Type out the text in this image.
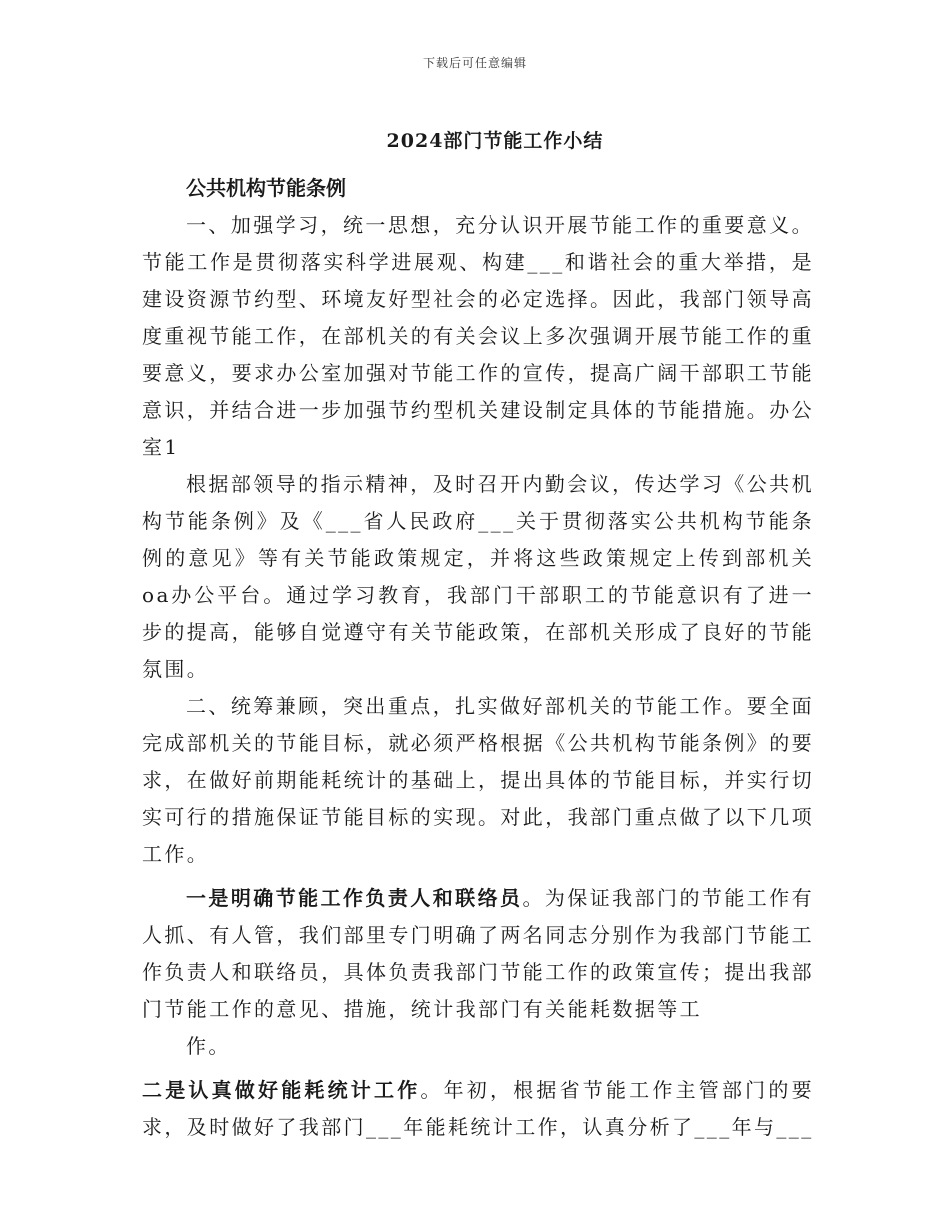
下载后可任意编辑
2024部门节能工作小结

公共机构节能条例

一、加强学习，统一思想，充分认识开展节能工作的重要意义。节能工作是贯彻落实科学进展观、构建___和谐社会的重大举措，是建设资源节约型、环境友好型社会的必定选择。因此，我部门领导高度重视节能工作，在部机关的有关会议上多次强调开展节能工作的重要意义，要求办公室加强对节能工作的宣传，提高广阔干部职工节能意识，并结合进一步加强节约型机关建设制定具体的节能措施。办公室1

根据部领导的指示精神，及时召开内勤会议，传达学习《公共机构节能条例》及《___省人民政府___关于贯彻落实公共机构节能条例的意见》等有关节能政策规定，并将这些政策规定上传到部机关oa办公平台。通过学习教育，我部门干部职工的节能意识有了进一步的提高，能够自觉遵守有关节能政策，在部机关形成了良好的节能氛围。

二、统筹兼顾，突出重点，扎实做好部机关的节能工作。要全面完成部机关的节能目标，就必须严格根据《公共机构节能条例》的要求，在做好前期能耗统计的基础上，提出具体的节能目标，并实行切实可行的措施保证节能目标的实现。对此，我部门重点做了以下几项工作。

一是明确节能工作负责人和联络员。为保证我部门的节能工作有人抓、有人管，我们部里专门明确了两名同志分别作为我部门节能工作负责人和联络员，具体负责我部门节能工作的政策宣传；提出我部门节能工作的意见、措施，统计我部门有关能耗数据等工

作。

二是认真做好能耗统计工作。年初，根据省节能工作主管部门的要求，及时做好了我部门___年能耗统计工作，认真分析了___年与___
